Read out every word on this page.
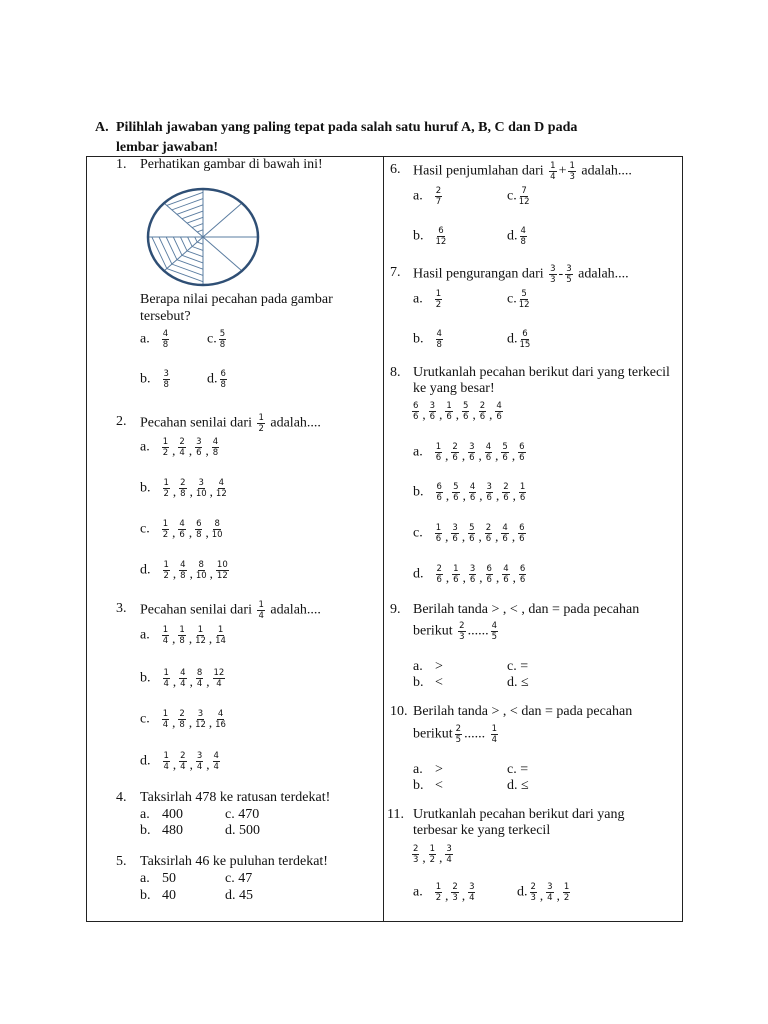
A. Pilihlah jawaban yang paling tepat pada salah satu huruf A, B, C dan D pada
lembar jawaban!
1. Perhatikan gambar di bawah ini!
Berapa nilai pecahan pada gambar
tersebut?
a. $\frac{4}{8}$	c. $\frac{5}{8}$
b. $\frac{3}{8}$	d. $\frac{6}{8}$
2. Pecahan senilai dari $\frac{1}{2}$ adalah....
a. $\frac{1}{2}$ , $\frac{2}{4}$ , $\frac{3}{6}$ , $\frac{4}{8}$
b. $\frac{1}{2}$ , $\frac{2}{8}$ , $\frac{3}{10}$ , $\frac{4}{12}$
c. $\frac{1}{2}$ , $\frac{4}{6}$ , $\frac{6}{8}$ , $\frac{8}{10}$
d. $\frac{1}{2}$ , $\frac{4}{8}$ , $\frac{8}{10}$ , $\frac{10}{12}$
3. Pecahan senilai dari $\frac{1}{4}$ adalah....
a. $\frac{1}{4}$ , $\frac{1}{8}$ , $\frac{1}{12}$ , $\frac{1}{14}$
b. $\frac{1}{4}$ , $\frac{4}{4}$ , $\frac{8}{4}$ , $\frac{12}{4}$
c. $\frac{1}{4}$ , $\frac{2}{8}$ , $\frac{3}{12}$ , $\frac{4}{16}$
d. $\frac{1}{4}$ , $\frac{2}{4}$ , $\frac{3}{4}$ , $\frac{4}{4}$
4. Taksirlah 478 ke ratusan terdekat!
a. 400	c. 470
b. 480	d. 500
5. Taksirlah 46 ke puluhan terdekat!
a. 50	c. 47
b. 40	d. 45
6. Hasil penjumlahan dari $\frac{1}{4} + \frac{1}{3}$ adalah....
a. $\frac{2}{7}$	c. $\frac{7}{12}$
b. $\frac{6}{12}$	d. $\frac{4}{8}$
7. Hasil pengurangan dari $\frac{3}{3} - \frac{3}{5}$ adalah....
a. $\frac{1}{2}$	c. $\frac{5}{12}$
b. $\frac{4}{8}$	d. $\frac{6}{15}$
8. Urutkanlah pecahan berikut dari yang terkecil
ke yang besar!
$\frac{6}{6}$ , $\frac{3}{6}$ , $\frac{1}{6}$ , $\frac{5}{6}$ , $\frac{2}{6}$ , $\frac{4}{6}$
a. $\frac{1}{6}$ , $\frac{2}{6}$ , $\frac{3}{6}$ , $\frac{4}{6}$ , $\frac{5}{6}$ , $\frac{6}{6}$
b. $\frac{6}{6}$ , $\frac{5}{6}$ , $\frac{4}{6}$ , $\frac{3}{6}$ , $\frac{2}{6}$ , $\frac{1}{6}$
c. $\frac{1}{6}$ , $\frac{3}{6}$ , $\frac{5}{6}$ , $\frac{2}{6}$ , $\frac{4}{6}$ , $\frac{6}{6}$
d. $\frac{2}{6}$ , $\frac{1}{6}$ , $\frac{3}{6}$ , $\frac{6}{6}$ , $\frac{4}{6}$ , $\frac{6}{6}$
9. Berilah tanda > , < , dan = pada pecahan
berikut $\frac{2}{3}$ ...... $\frac{4}{5}$
a. >	c. =
b. <	d. ≤
10. Berilah tanda > , < dan = pada pecahan
berikut $\frac{2}{5}$ ...... $\frac{1}{4}$
a. >	c. =
b. <	d. ≤
11. Urutkanlah pecahan berikut dari yang
terbesar ke yang terkecil
$\frac{2}{3}$ , $\frac{1}{2}$ , $\frac{3}{4}$
a. $\frac{1}{2}$ , $\frac{2}{3}$ , $\frac{3}{4}$	d. $\frac{2}{3}$ , $\frac{3}{4}$ , $\frac{1}{2}$
